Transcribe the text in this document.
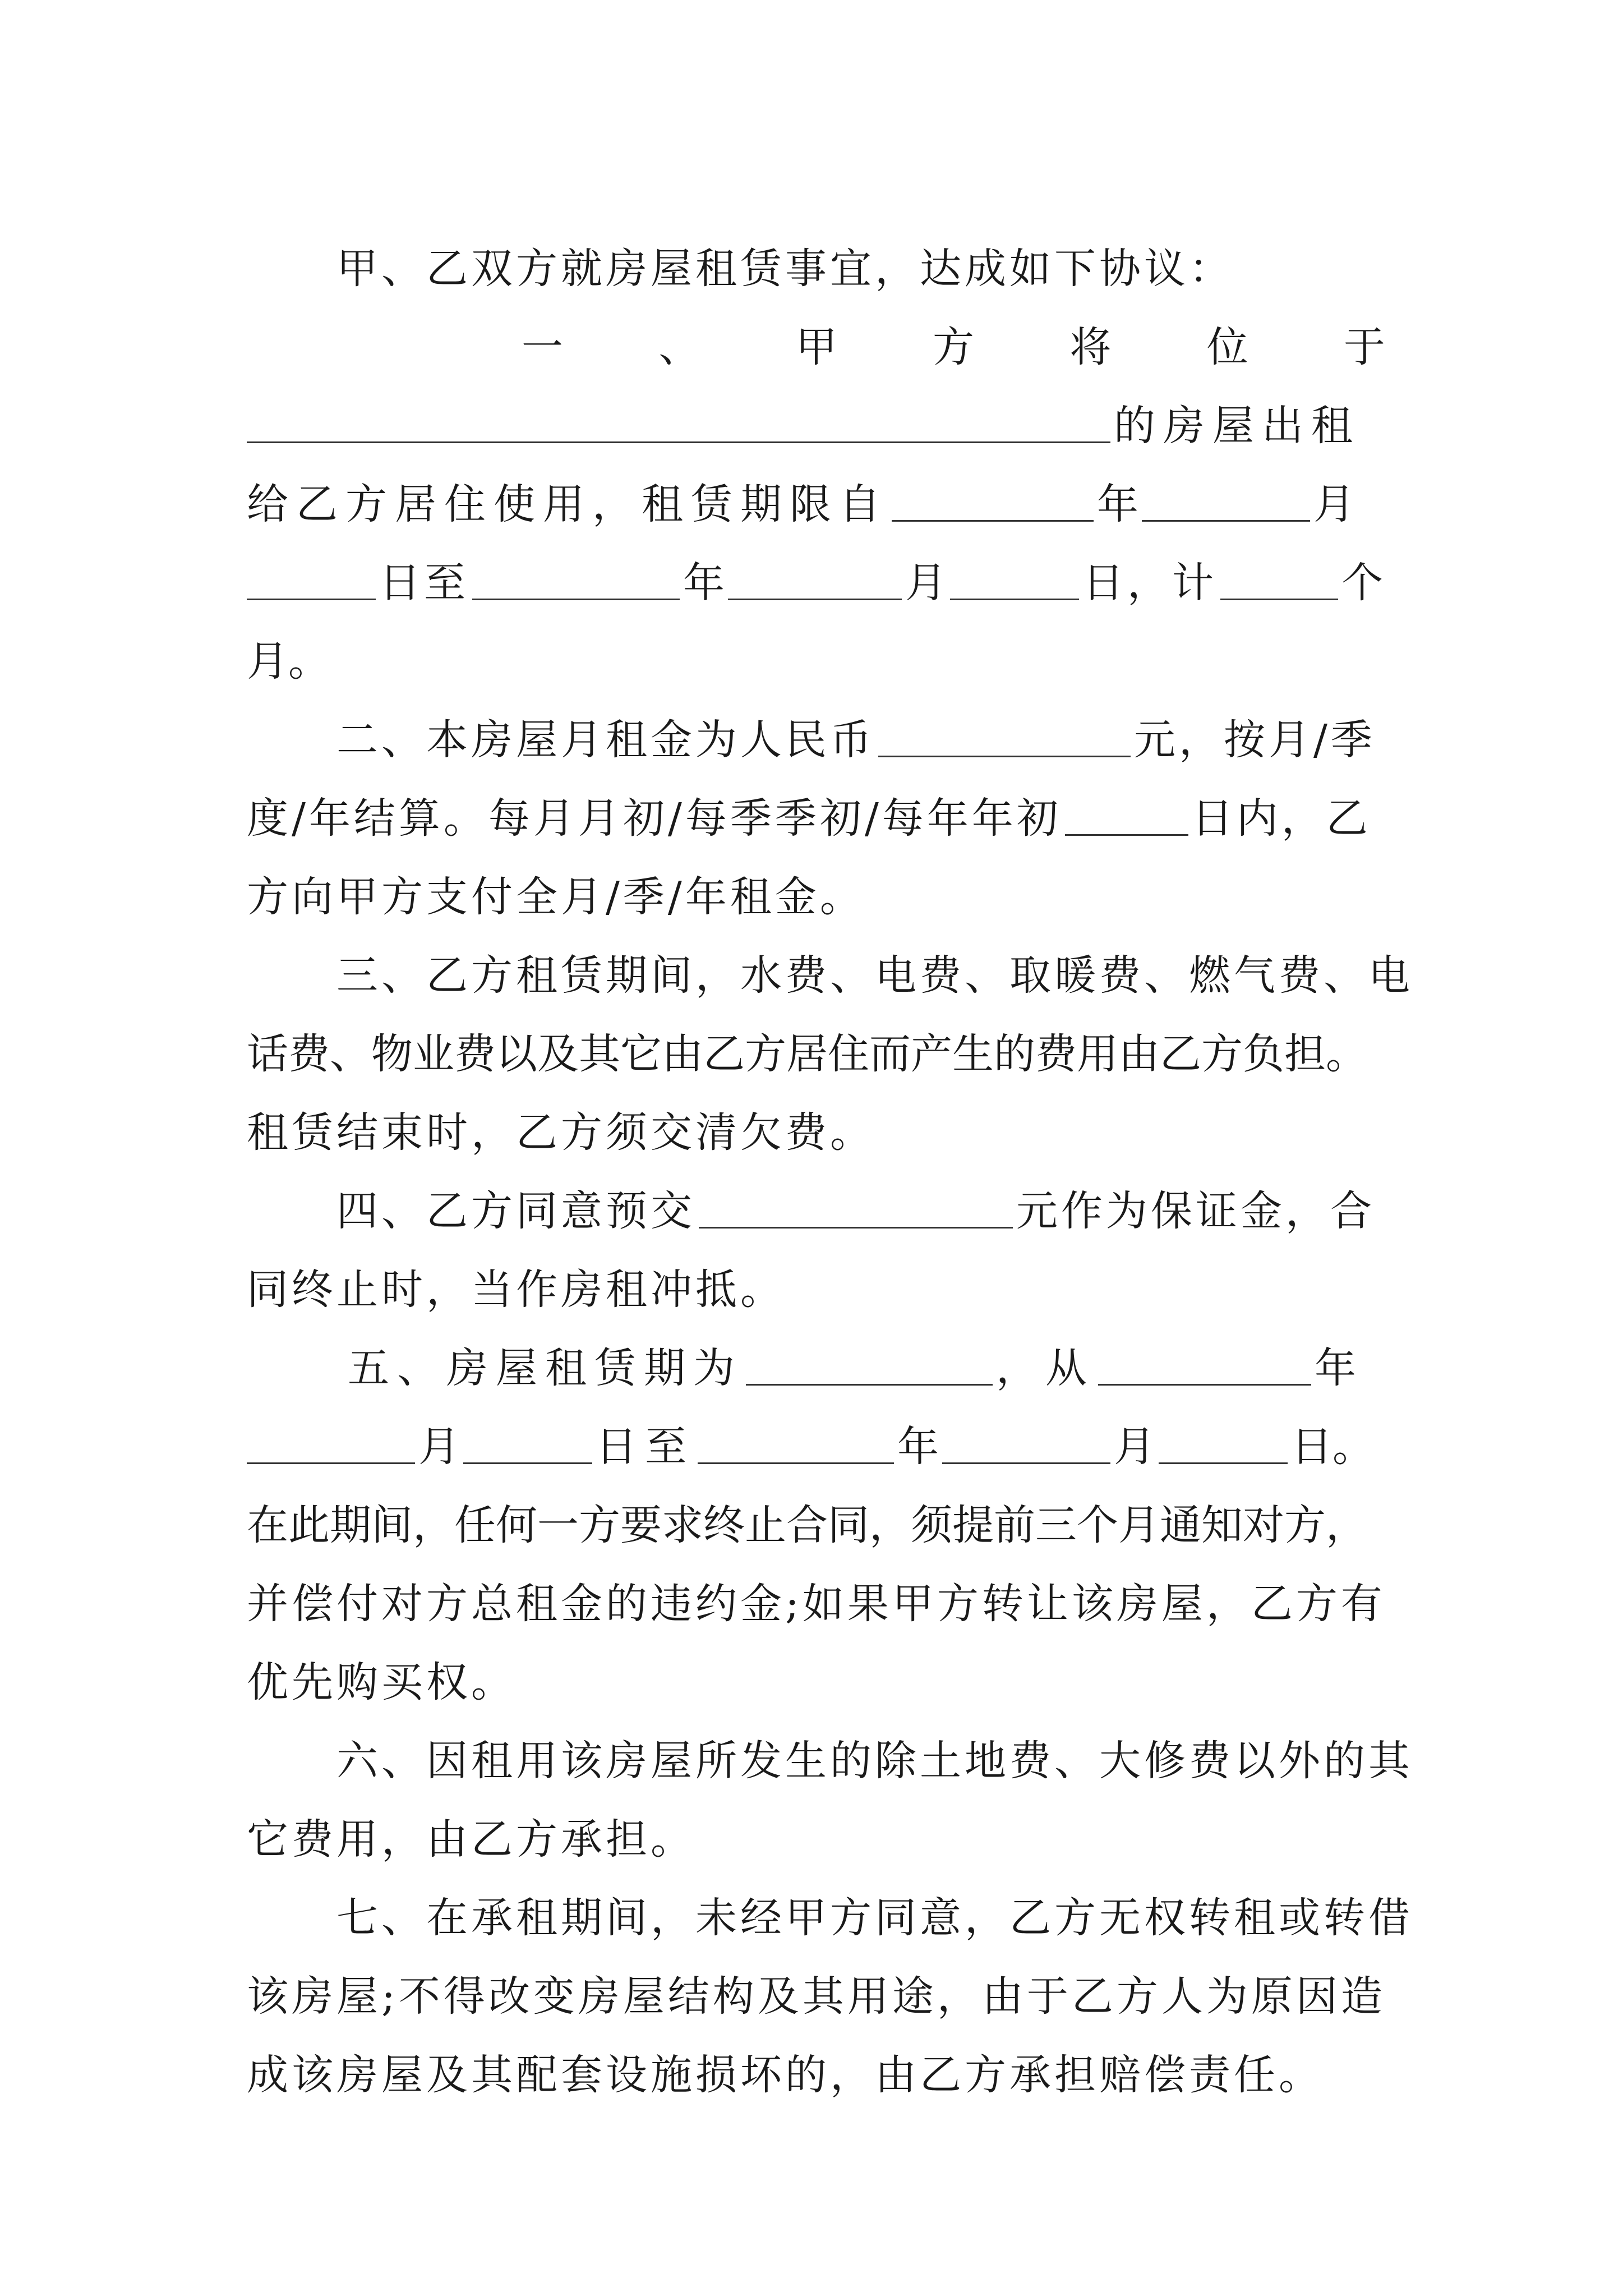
甲、乙双方就房屋租赁事宜，达成如下协议：
一 、 甲 方 将 位 于
的房屋出租
给乙方居住使用，租赁期限自	年	月
日至	年	月	日，计	个
月。
二、本房屋月租金为人民币	元，按月/季
度/年结算。每月月初/每季季初/每年年初	日内，乙
方向甲方支付全月/季/年租金。
三、乙方租赁期间，水费、电费、取暖费、燃气费、电
话费、物业费以及其它由乙方居住而产生的费用由乙方负担。
租赁结束时，乙方须交清欠费。
四、乙方同意预交	元作为保证金，合
同终止时，当作房租冲抵。
五、房屋租赁期为	，从	年
月	日至	年	月	日。
在此期间，任何一方要求终止合同，须提前三个月通知对方，
并偿付对方总租金的违约金;如果甲方转让该房屋，乙方有
优先购买权。
六、因租用该房屋所发生的除土地费、大修费以外的其
它费用，由乙方承担。
七、在承租期间，未经甲方同意，乙方无权转租或转借
该房屋;不得改变房屋结构及其用途，由于乙方人为原因造
成该房屋及其配套设施损坏的，由乙方承担赔偿责任。
